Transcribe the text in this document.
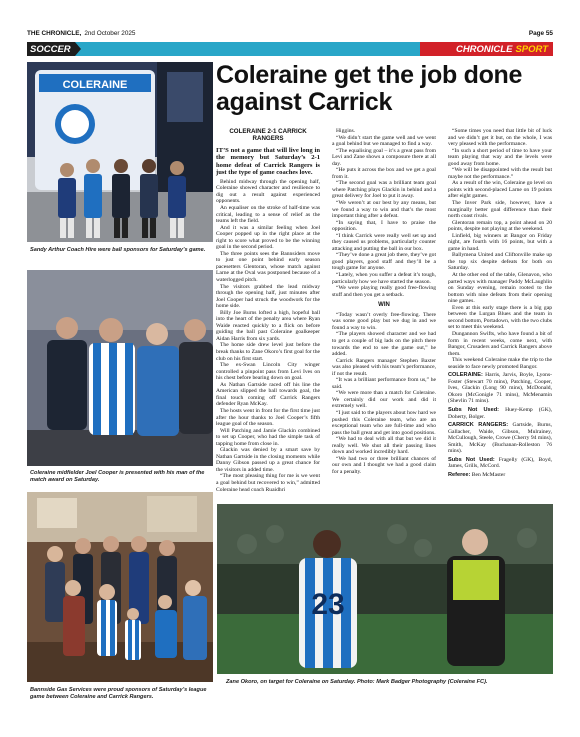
THE CHRONICLE, 2nd October 2025	Page 55
SOCCER	CHRONICLE SPORT
Coleraine get the job done against Carrick
COLERAINE
Sandy Arthur Coach Hire were ball sponsors for Saturday’s game.
Coleraine midfielder Joel Cooper is presented with his man of the match award on Saturday.
Bannside Gas Services were proud sponsors of Saturday’s league game between Coleraine and Carrick Rangers.
23
Zane Okoro, on target for Coleraine on Saturday. Photo: Mark Badger Photography (Coleraine FC).
COLERAINE 2-1 CARRICK RANGERS
IT’S not a game that will live long in the memory but Saturday’s 2-1 home defeat of Carrick Rangers is just the type of game coaches love.

Behind midway through the opening half, Coleraine showed character and resilience to dig out a result against experienced opponents.

An equaliser on the stroke of half-time was critical, leading to a sense of relief as the teams left the field.

And it was a similar feeling when Joel Cooper popped up in the right place at the right to score what proved to be the winning goal in the second period.

The three points sees the Bannsiders move to just one point behind early season pacesetters Glentoran, whose match against Larne at the Oval was postponed because of a waterlogged pitch.

The visitors grabbed the lead midway through the opening half, just minutes after Joel Cooper had struck the woodwork for the home side.

Billy Joe Burns lofted a high, hopeful ball into the heart of the penalty area where Ryan Waide reacted quickly to a flick on before guiding the ball past Coleraine goalkeeper Aidan Harris from six yards.

The home side drew level just before the break thanks to Zane Okoro’s first goal for the club on his first start.

The ex-Swan Lincoln City winger controlled a pinpoint pass from Levi Ives on his chest before bearing down on goal.

As Nathan Gartside raced off his line the American slipped the ball towards goal, the final touch coming off Carrick Rangers defender Ryan McKay.

The hosts went in front for the first time just after the hour thanks to Joel Cooper’s fifth league goal of the season.

Will Patching and Jamie Glackin combined to set up Cooper, who had the simple task of tapping home from close in.

Glackin was denied by a smart save by Nathan Gartside in the closing moments while Danny Gibson passed up a great chance for the visitors in added time.

“The most pleasing thing for me is we went a goal behind but recovered to win,” admitted Coleraine head coach Ruaidhri

Higgins.

“We didn’t start the game well and we went a goal behind but we managed to find a way.

“The equalising goal – it’s a great pass from Levi and Zane shows a composure there at all day.

“He puts it across the box and we get a goal from it.

“The second goal was a brilliant team goal where Patching plays Glackin in behind and a great delivery for Joel to put it away.

“We weren’t at our best by any means, but we found a way to win and that’s the most important thing after a defeat.

“In saying that, I have to praise the opposition.

“I think Carrick were really well set up and they caused us problems, particularly counter attacking and putting the ball in our box.

“They’ve done a great job there, they’ve got good players, good staff and they’ll be a tough game for anyone.

“Lately, when you suffer a defeat it’s tough, particularly how we have started the season.

“We were playing really good free-flowing stuff and then you get a setback.

WIN

“Today wasn’t overly free-flowing. There was some good play but we dug in and we found a way to win.

“The players showed character and we had to get a couple of big lads on the pitch there towards the end to see the game out,” he added.

Carrick Rangers manager Stephen Baxter was also pleased with his team’s performance, if not the result.

“It was a brilliant performance from us,” he said.

“We were more than a match for Coleraine. We certainly did our work and did it extremely well.

“I just said to the players about how hard we pushed this Coleraine team, who are an exceptional team who are full-time and who pass the ball great and get into good positions.

“We had to deal with all that but we did it really well. We shut all their passing lines down and worked incredibly hard.

“We had two or three brilliant chances of our own and I thought we had a good claim for a penalty.

“Some times you need that little bit of luck and we didn’t get it but, on the whole, I was very pleased with the performance.

“In such a short period of time to have your team playing that way and the levels were good away from home.

“We will be disappointed with the result but maybe not the performance.”

As a result of the win, Coleraine go level on points with second-placed Larne on 19 points after eight games.

The Inver Park side, however, have a marginally better goal difference than their north coast rivals.

Glentoran remain top, a point ahead on 20 points, despite not playing at the weekend.

Linfield, big winners at Bangor on Friday night, are fourth with 16 points, but with a game in hand.

Ballymena United and Cliftonville make up the top six despite defeats for both on Saturday.

At the other end of the table, Glenavon, who parted ways with manager Paddy McLaughlin on Sunday evening, remain rooted to the bottom with nine defeats from their opening nine games.

Even at this early stage there is a big gap between the Lurgan Blues and the team in second bottom, Portadown, with the two clubs set to meet this weekend.

Dungannon Swifts, who have found a bit of form in recent weeks, come next, with Bangor, Crusaders and Carrick Rangers above them.

This weekend Coleraine make the trip to the seaside to face newly promoted Bangor.

COLERAINE: Harris, Jarvis, Boyle, Lyons-Foster (Stewart 70 mins), Patching, Cooper, Ives, Glackin (Long 90 mins), McDonald, Okoro (McGonigle 71 mins), McMenamin (Shevlin 71 mins).

Subs Not Used: Huey-Kemp (GK), Doherty, Bolger.

CARRICK RANGERS: Gartside, Burns, Gallacher, Waide, Gibson, Mulrainey, McCullough, Steele, Crowe (Cherry 94 mins), Smith, McKay (Buchanan-Rolleston 76 mins).

Subs Not Used: Fragelly (GK), Boyd, James, Grills, McCord.

Referee: Ben McMaster
